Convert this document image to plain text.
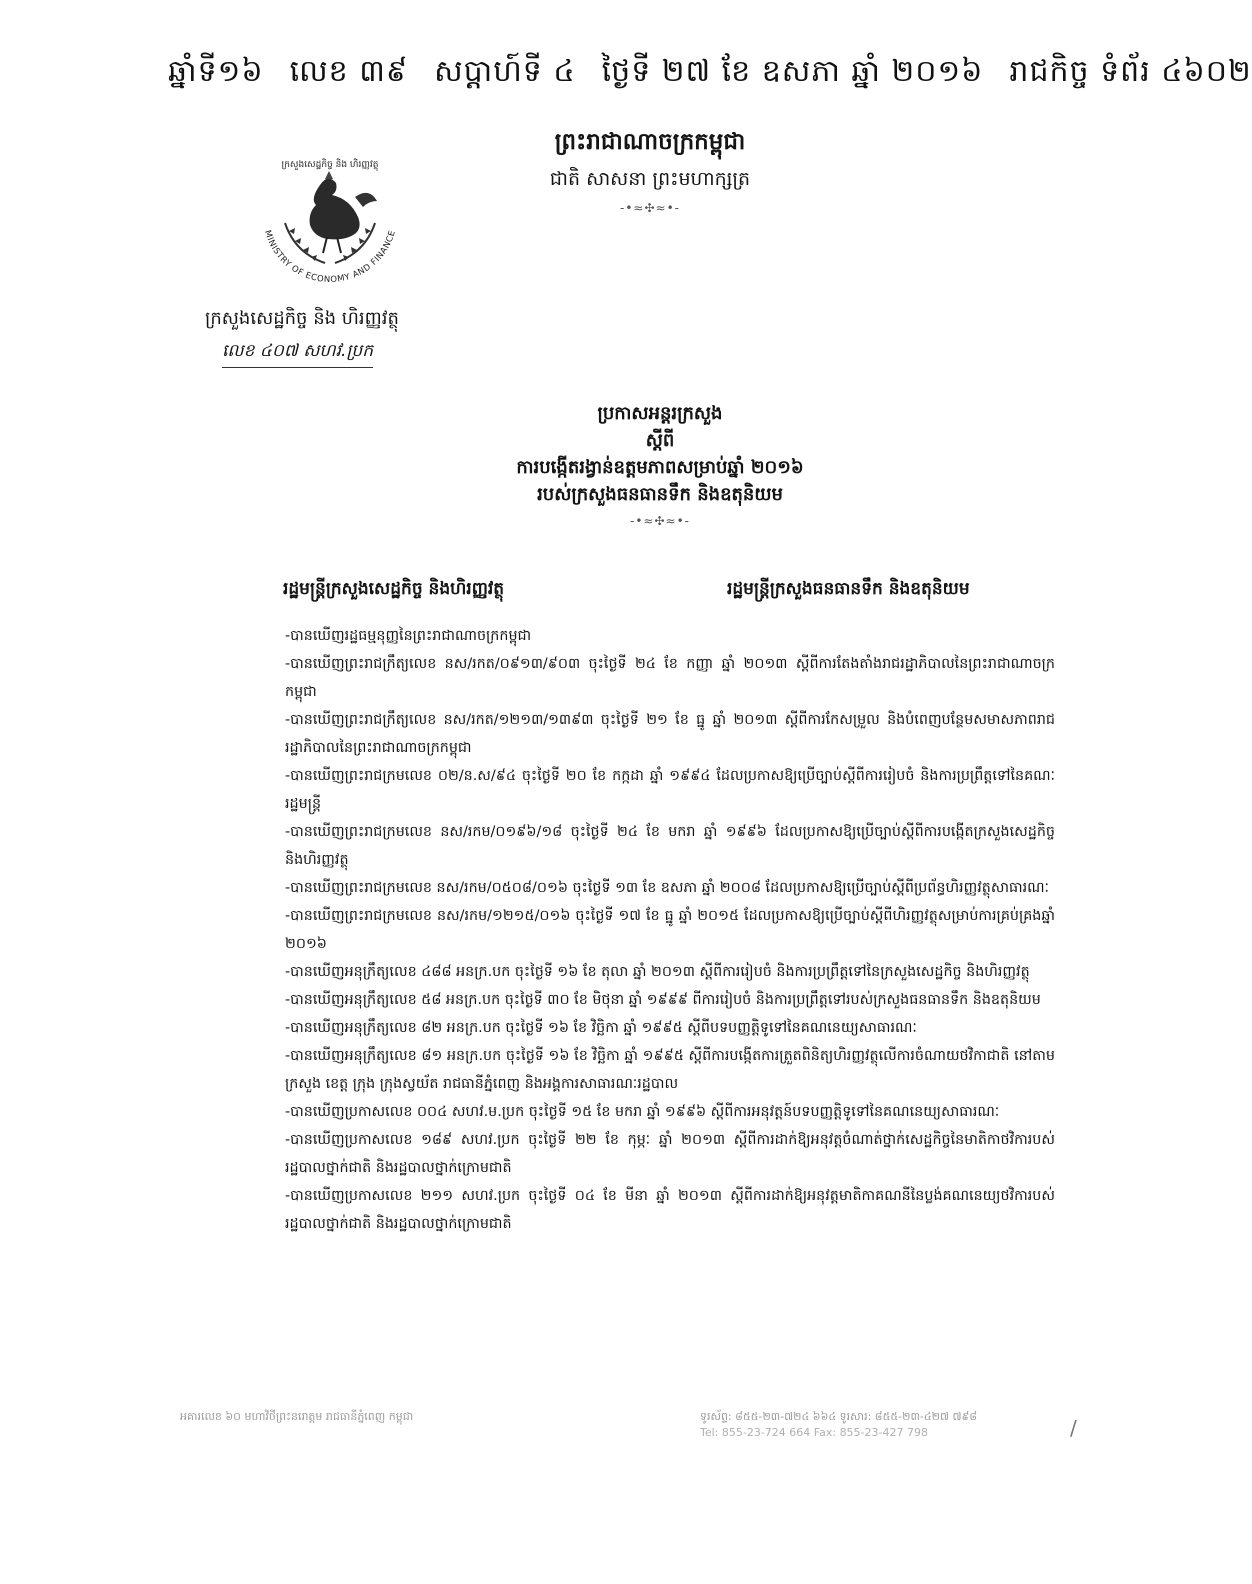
ឆ្នាំទី១៦ លេខ ៣៩ សប្តាហ៍ទី ៤ ថ្ងៃទី ២៧ ខែ ឧសភា ឆ្នាំ ២០១៦ រាជកិច្ច ទំព័រ ៤៦០២
ព្រះរាជាណាចក្រកម្ពុជា
ជាតិ សាសនា ព្រះមហាក្សត្រ
-•≈✣≈•-
MINISTRY OF ECONOMY AND FINANCE
ក្រសួងសេដ្ឋកិច្ច និង ហិរញ្ញវត្ថុ
ក្រសួងសេដ្ឋកិច្ច និង ហិរញ្ញវត្ថុ
លេខ ៤០៧ សហវ.ប្រក
ប្រកាសអន្តរក្រសួង
ស្តីពី
ការបង្កើតរង្វាន់ឧត្តមភាពសម្រាប់ឆ្នាំ ២០១៦
របស់ក្រសួងធនធានទឹក និងឧតុនិយម
-•≈✣≈•-
រដ្ឋមន្ត្រីក្រសួងសេដ្ឋកិច្ច និងហិរញ្ញវត្ថុ	រដ្ឋមន្ត្រីក្រសួងធនធានទឹក និងឧតុនិយម
-បានឃើញរដ្ឋធម្មនុញ្ញនៃព្រះរាជាណាចក្រកម្ពុជា
-បានឃើញព្រះរាជក្រឹត្យលេខ នស/រកត/០៩១៣/៩០៣ ចុះថ្ងៃទី ២៤ ខែ កញ្ញា ឆ្នាំ ២០១៣ ស្តីពីការតែងតាំងរាជរដ្ឋាភិបាលនៃព្រះរាជាណាចក្រកម្ពុជា
-បានឃើញព្រះរាជក្រឹត្យលេខ នស/រកត/១២១៣/១៣៩៣ ចុះថ្ងៃទី ២១ ខែ ធ្នូ ឆ្នាំ ២០១៣ ស្តីពីការកែសម្រួល និងបំពេញបន្ថែមសមាសភាពរាជរដ្ឋាភិបាលនៃព្រះរាជាណាចក្រកម្ពុជា
-បានឃើញព្រះរាជក្រមលេខ ០២/ន.ស/៩៤ ចុះថ្ងៃទី ២០ ខែ កក្កដា ឆ្នាំ ១៩៩៤ ដែលប្រកាសឱ្យប្រើច្បាប់ស្តីពីការរៀបចំ និងការប្រព្រឹត្តទៅនៃគណៈរដ្ឋមន្ត្រី
-បានឃើញព្រះរាជក្រមលេខ នស/រកម/០១៩៦/១៨ ចុះថ្ងៃទី ២៤ ខែ មករា ឆ្នាំ ១៩៩៦ ដែលប្រកាសឱ្យប្រើច្បាប់ស្តីពីការបង្កើតក្រសួងសេដ្ឋកិច្ច និងហិរញ្ញវត្ថុ
-បានឃើញព្រះរាជក្រមលេខ នស/រកម/០៥០៨/០១៦ ចុះថ្ងៃទី ១៣ ខែ ឧសភា ឆ្នាំ ២០០៨ ដែលប្រកាសឱ្យប្រើច្បាប់ស្តីពីប្រព័ន្ធហិរញ្ញវត្ថុសាធារណៈ
-បានឃើញព្រះរាជក្រមលេខ នស/រកម/១២១៥/០១៦ ចុះថ្ងៃទី ១៧ ខែ ធ្នូ ឆ្នាំ ២០១៥ ដែលប្រកាសឱ្យប្រើច្បាប់ស្តីពីហិរញ្ញវត្ថុសម្រាប់ការគ្រប់គ្រងឆ្នាំ ២០១៦
-បានឃើញអនុក្រឹត្យលេខ ៤៨៨ អនក្រ.បក ចុះថ្ងៃទី ១៦ ខែ តុលា ឆ្នាំ ២០១៣ ស្តីពីការរៀបចំ និងការប្រព្រឹត្តទៅនៃក្រសួងសេដ្ឋកិច្ច និងហិរញ្ញវត្ថុ
-បានឃើញអនុក្រឹត្យលេខ ៥៨ អនក្រ.បក ចុះថ្ងៃទី ៣០ ខែ មិថុនា ឆ្នាំ ១៩៩៩ ពីការរៀបចំ និងការប្រព្រឹត្តទៅរបស់ក្រសួងធនធានទឹក និងឧតុនិយម
-បានឃើញអនុក្រឹត្យលេខ ៨២ អនក្រ.បក ចុះថ្ងៃទី ១៦ ខែ វិច្ឆិកា ឆ្នាំ ១៩៩៥ ស្តីពីបទបញ្ញត្តិទូទៅនៃគណនេយ្យសាធារណៈ
-បានឃើញអនុក្រឹត្យលេខ ៨១ អនក្រ.បក ចុះថ្ងៃទី ១៦ ខែ វិច្ឆិកា ឆ្នាំ ១៩៩៥ ស្តីពីការបង្កើតការត្រួតពិនិត្យហិរញ្ញវត្ថុលើការចំណាយថវិកាជាតិ នៅតាមក្រសួង ខេត្ត ក្រុង ក្រុងស្វយ័ត រាជធានីភ្នំពេញ និងអង្គការសាធារណៈរដ្ឋបាល
-បានឃើញប្រកាសលេខ ០០៤ សហវ.ម.ប្រក ចុះថ្ងៃទី ១៥ ខែ មករា ឆ្នាំ ១៩៩៦ ស្តីពីការអនុវត្តន៍បទបញ្ញត្តិទូទៅនៃគណនេយ្យសាធារណៈ
-បានឃើញប្រកាសលេខ ១៨៩ សហវ.ប្រក ចុះថ្ងៃទី ២២ ខែ កុម្ភៈ ឆ្នាំ ២០១៣ ស្តីពីការដាក់ឱ្យអនុវត្តចំណាត់ថ្នាក់សេដ្ឋកិច្ចនៃមាតិកាថវិការបស់រដ្ឋបាលថ្នាក់ជាតិ និងរដ្ឋបាលថ្នាក់ក្រោមជាតិ
-បានឃើញប្រកាសលេខ ២១១ សហវ.ប្រក ចុះថ្ងៃទី ០៤ ខែ មីនា ឆ្នាំ ២០១៣ ស្តីពីការដាក់ឱ្យអនុវត្តមាតិកាគណនីនៃប្លង់គណនេយ្យថវិការបស់រដ្ឋបាលថ្នាក់ជាតិ និងរដ្ឋបាលថ្នាក់ក្រោមជាតិ
អគារលេខ ៦០ មហាវិថីព្រះនរោត្តម រាជធានីភ្នំពេញ កម្ពុជា	ទូរស័ព្ទ: ៨៥៥-២៣-៧២៤ ៦៦៤ ទូរសារ: ៨៥៥-២៣-៤២៧ ៧៩៨
Tel: 855-23-724 664 Fax: 855-23-427 798	/
